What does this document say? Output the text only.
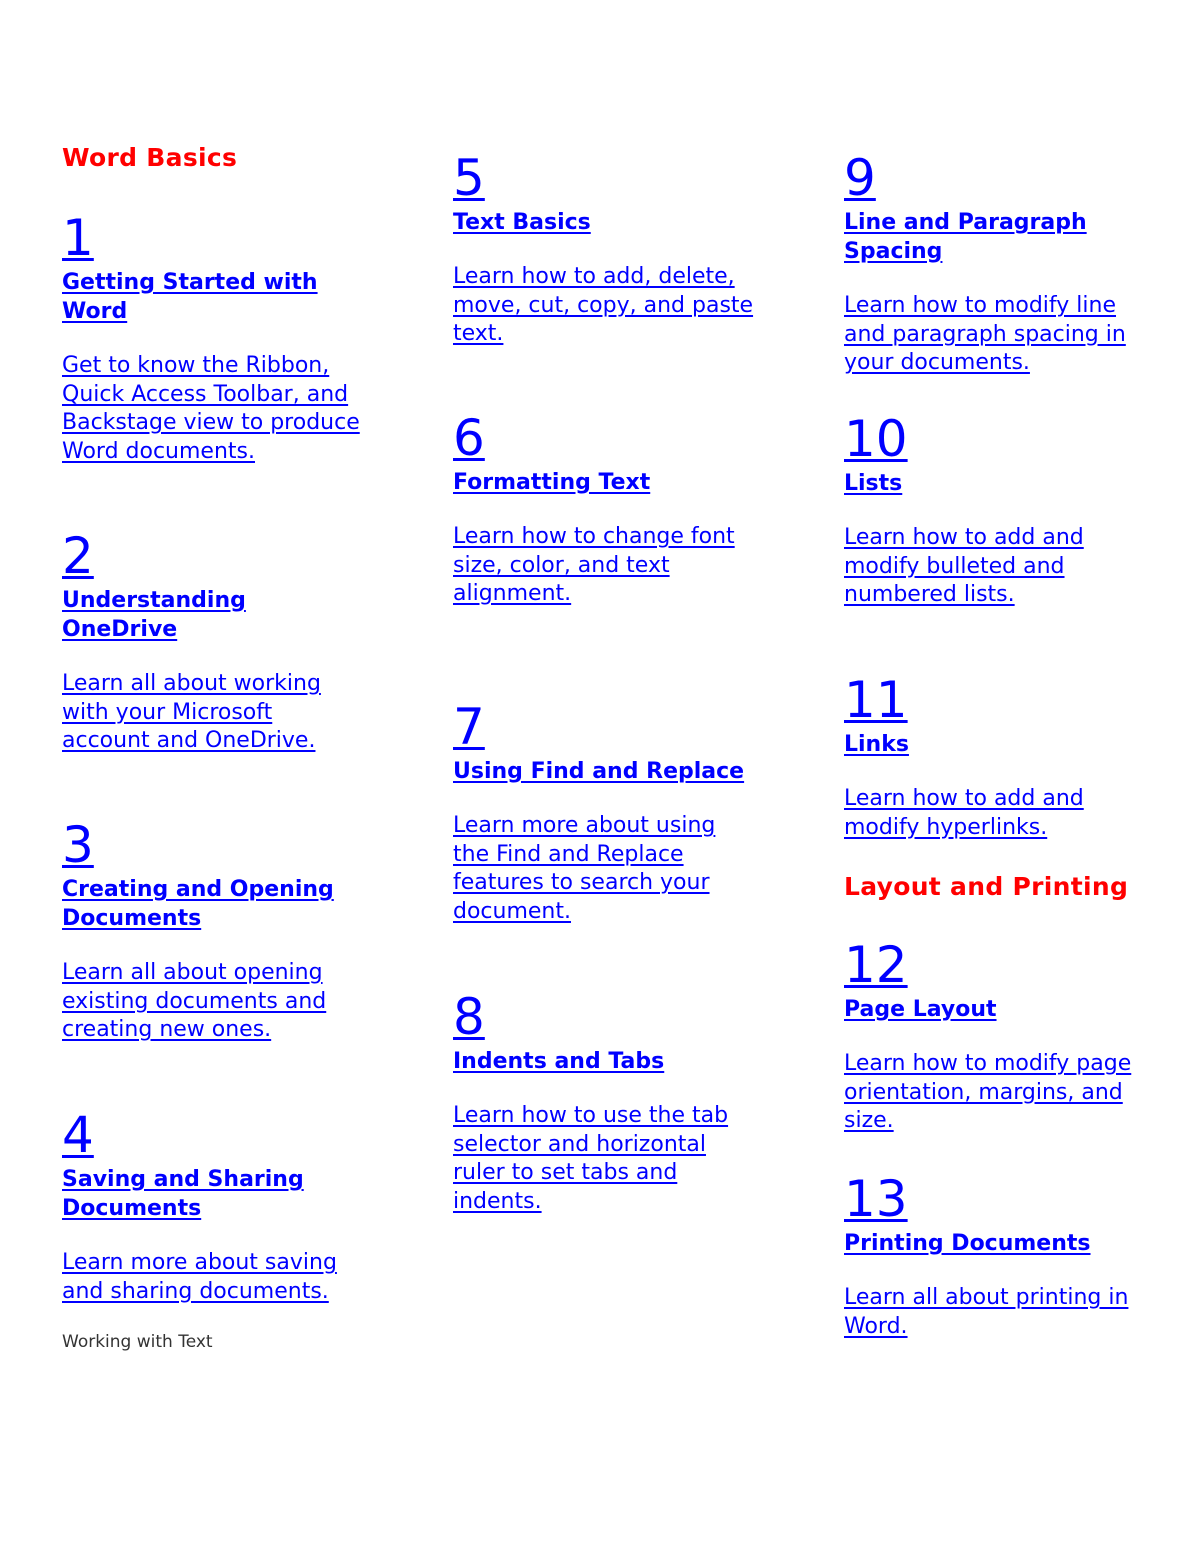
Word Basics
1
Getting Started with Word
Get to know the Ribbon, Quick Access Toolbar, and Backstage view to produce Word documents.
2
Understanding OneDrive
Learn all about working with your Microsoft account and OneDrive.
3
Creating and Opening Documents
Learn all about opening existing documents and creating new ones.
4
Saving and Sharing Documents
Learn more about saving and sharing documents.
Working with Text
5
Text Basics
Learn how to add, delete, move, cut, copy, and paste text.
6
Formatting Text
Learn how to change font size, color, and text alignment.
7
Using Find and Replace
Learn more about using the Find and Replace features to search your document.
8
Indents and Tabs
Learn how to use the tab selector and horizontal ruler to set tabs and indents.
9
Line and Paragraph Spacing
Learn how to modify line and paragraph spacing in your documents.
10
Lists
Learn how to add and modify bulleted and numbered lists.
11
Links
Learn how to add and modify hyperlinks.
Layout and Printing
12
Page Layout
Learn how to modify page orientation, margins, and size.
13
Printing Documents
Learn all about printing in Word.
